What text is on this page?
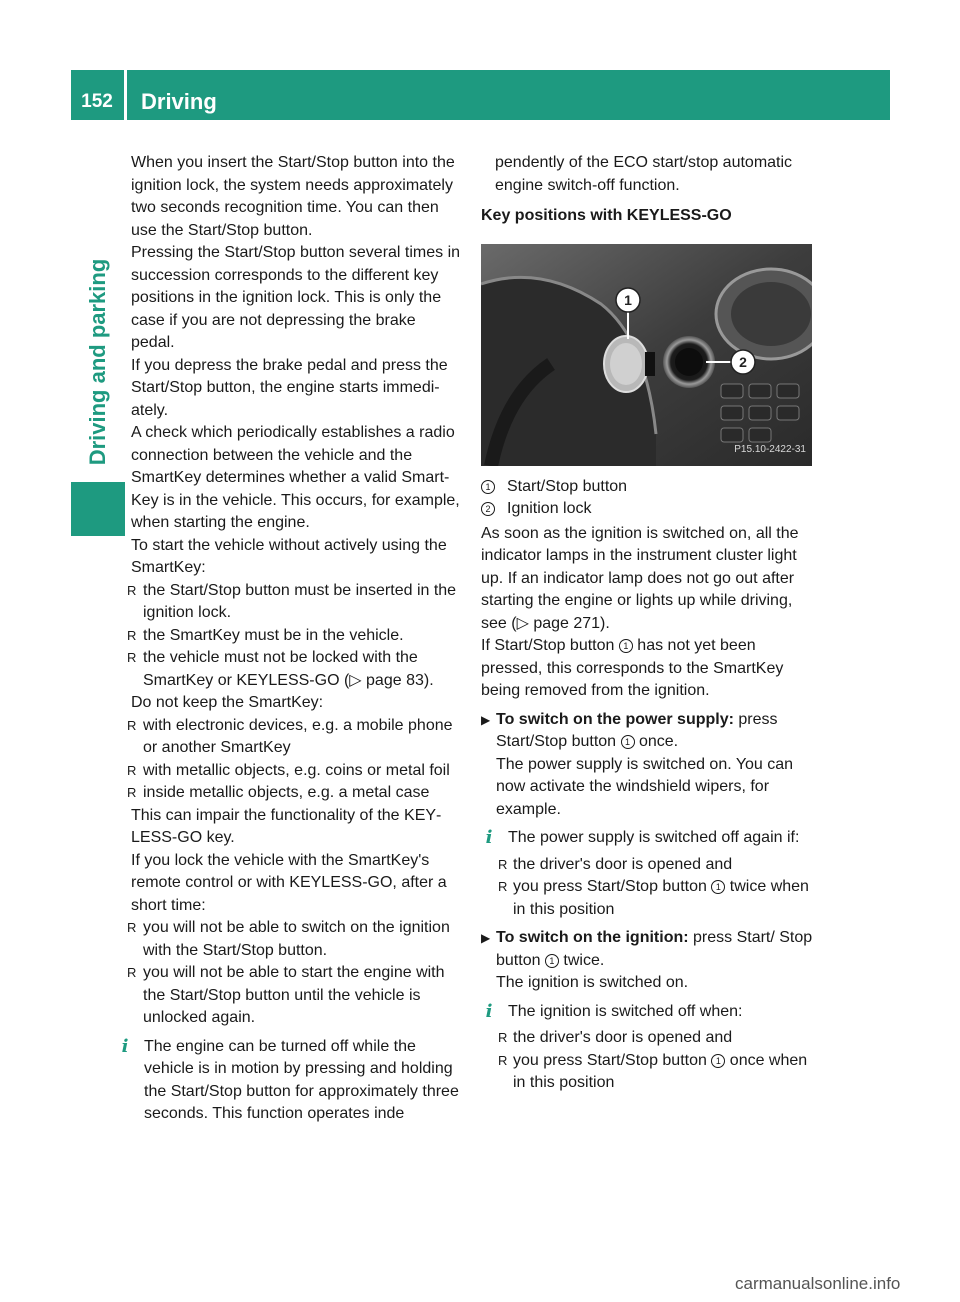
152	Driving
Driving and parking

When you insert the Start/Stop button into the ignition lock, the system needs approximately two seconds recognition time. You can then use the Start/Stop button.

Pressing the Start/Stop button several times in succession corresponds to the different key positions in the ignition lock. This is only the case if you are not depressing the brake pedal.

If you depress the brake pedal and press the Start/Stop button, the engine starts immediately.

A check which periodically establishes a radio connection between the vehicle and the SmartKey determines whether a valid SmartKey is in the vehicle. This occurs, for example, when starting the engine.

To start the vehicle without actively using the SmartKey:

R the Start/Stop button must be inserted in the ignition lock.
R the SmartKey must be in the vehicle.
R the vehicle must not be locked with the SmartKey or KEYLESS-GO (▷ page 83).

Do not keep the SmartKey:

R with electronic devices, e.g. a mobile phone or another SmartKey
R with metallic objects, e.g. coins or metal foil
R inside metallic objects, e.g. a metal case

This can impair the functionality of the KEYLESS-GO key.

If you lock the vehicle with the SmartKey's remote control or with KEYLESS-GO, after a short time:

R you will not be able to switch on the ignition with the Start/Stop button.
R you will not be able to start the engine with the Start/Stop button until the vehicle is unlocked again.
i The engine can be turned off while the vehicle is in motion by pressing and holding the Start/Stop button for approximately three seconds. This function operates inde

pendently of the ECO start/stop automatic engine switch-off function.

Key positions with KEYLESS-GO

1
2
P15.10-2422-31
1 Start/Stop button
2 Ignition lock

As soon as the ignition is switched on, all the indicator lamps in the instrument cluster light up. If an indicator lamp does not go out after starting the engine or lights up while driving, see (▷ page 271).

If Start/Stop button 1 has not yet been pressed, this corresponds to the SmartKey being removed from the ignition.

▶ To switch on the power supply: press Start/Stop button 1 once.
The power supply is switched on. You can now activate the windshield wipers, for example.
i The power supply is switched off again if:
R the driver's door is opened and
R you press Start/Stop button 1 twice when in this position
▶ To switch on the ignition: press Start/ Stop button 1 twice.
The ignition is switched on.
i The ignition is switched off when:
R the driver's door is opened and
R you press Start/Stop button 1 once when in this position
carmanualsonline.info
